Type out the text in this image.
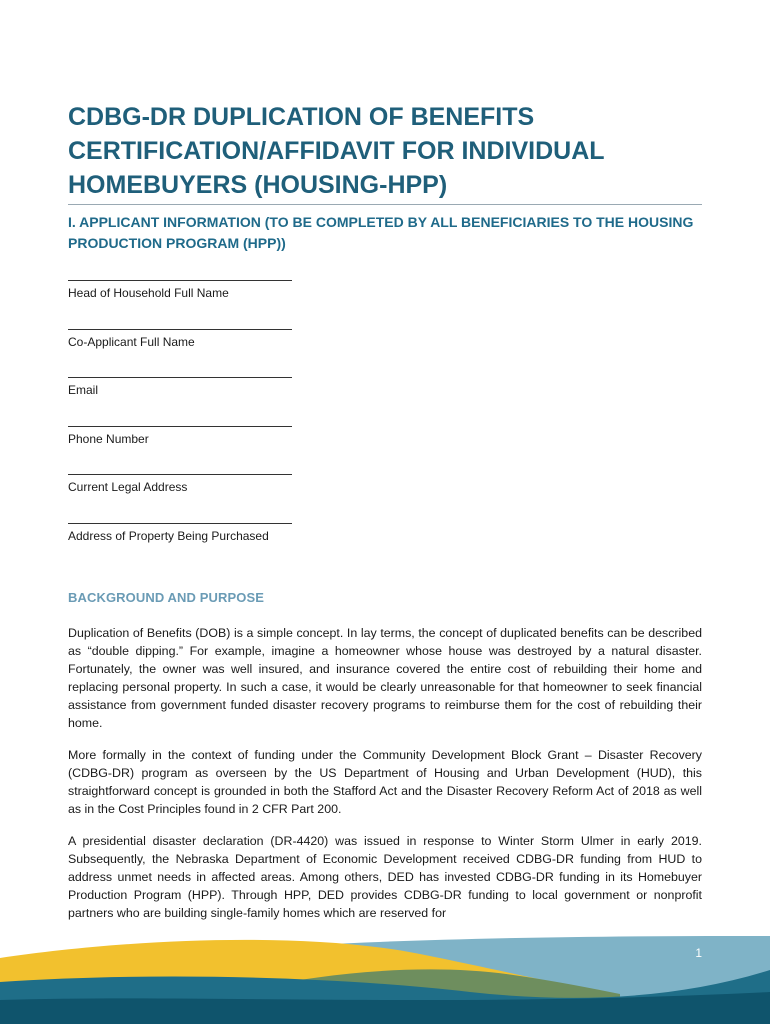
CDBG-DR DUPLICATION OF BENEFITS CERTIFICATION/AFFIDAVIT FOR INDIVIDUAL HOMEBUYERS (HOUSING-HPP)
I. APPLICANT INFORMATION (TO BE COMPLETED BY ALL BENEFICIARIES TO THE HOUSING PRODUCTION PROGRAM (HPP))
Head of Household Full Name
Co-Applicant Full Name
Email
Phone Number
Current Legal Address
Address of Property Being Purchased
BACKGROUND AND PURPOSE

Duplication of Benefits (DOB) is a simple concept. In lay terms, the concept of duplicated benefits can be described as “double dipping.” For example, imagine a homeowner whose house was destroyed by a natural disaster. Fortunately, the owner was well insured, and insurance covered the entire cost of rebuilding their home and replacing personal property. In such a case, it would be clearly unreasonable for that homeowner to seek financial assistance from government funded disaster recovery programs to reimburse them for the cost of rebuilding their home.

More formally in the context of funding under the Community Development Block Grant – Disaster Recovery (CDBG-DR) program as overseen by the US Department of Housing and Urban Development (HUD), this straightforward concept is grounded in both the Stafford Act and the Disaster Recovery Reform Act of 2018 as well as in the Cost Principles found in 2 CFR Part 200.

A presidential disaster declaration (DR-4420) was issued in response to Winter Storm Ulmer in early 2019. Subsequently, the Nebraska Department of Economic Development received CDBG-DR funding from HUD to address unmet needs in affected areas. Among others, DED has invested CDBG-DR funding in its Homebuyer Production Program (HPP). Through HPP, DED provides CDBG-DR funding to local government or nonprofit partners who are building single-family homes which are reserved for

1
